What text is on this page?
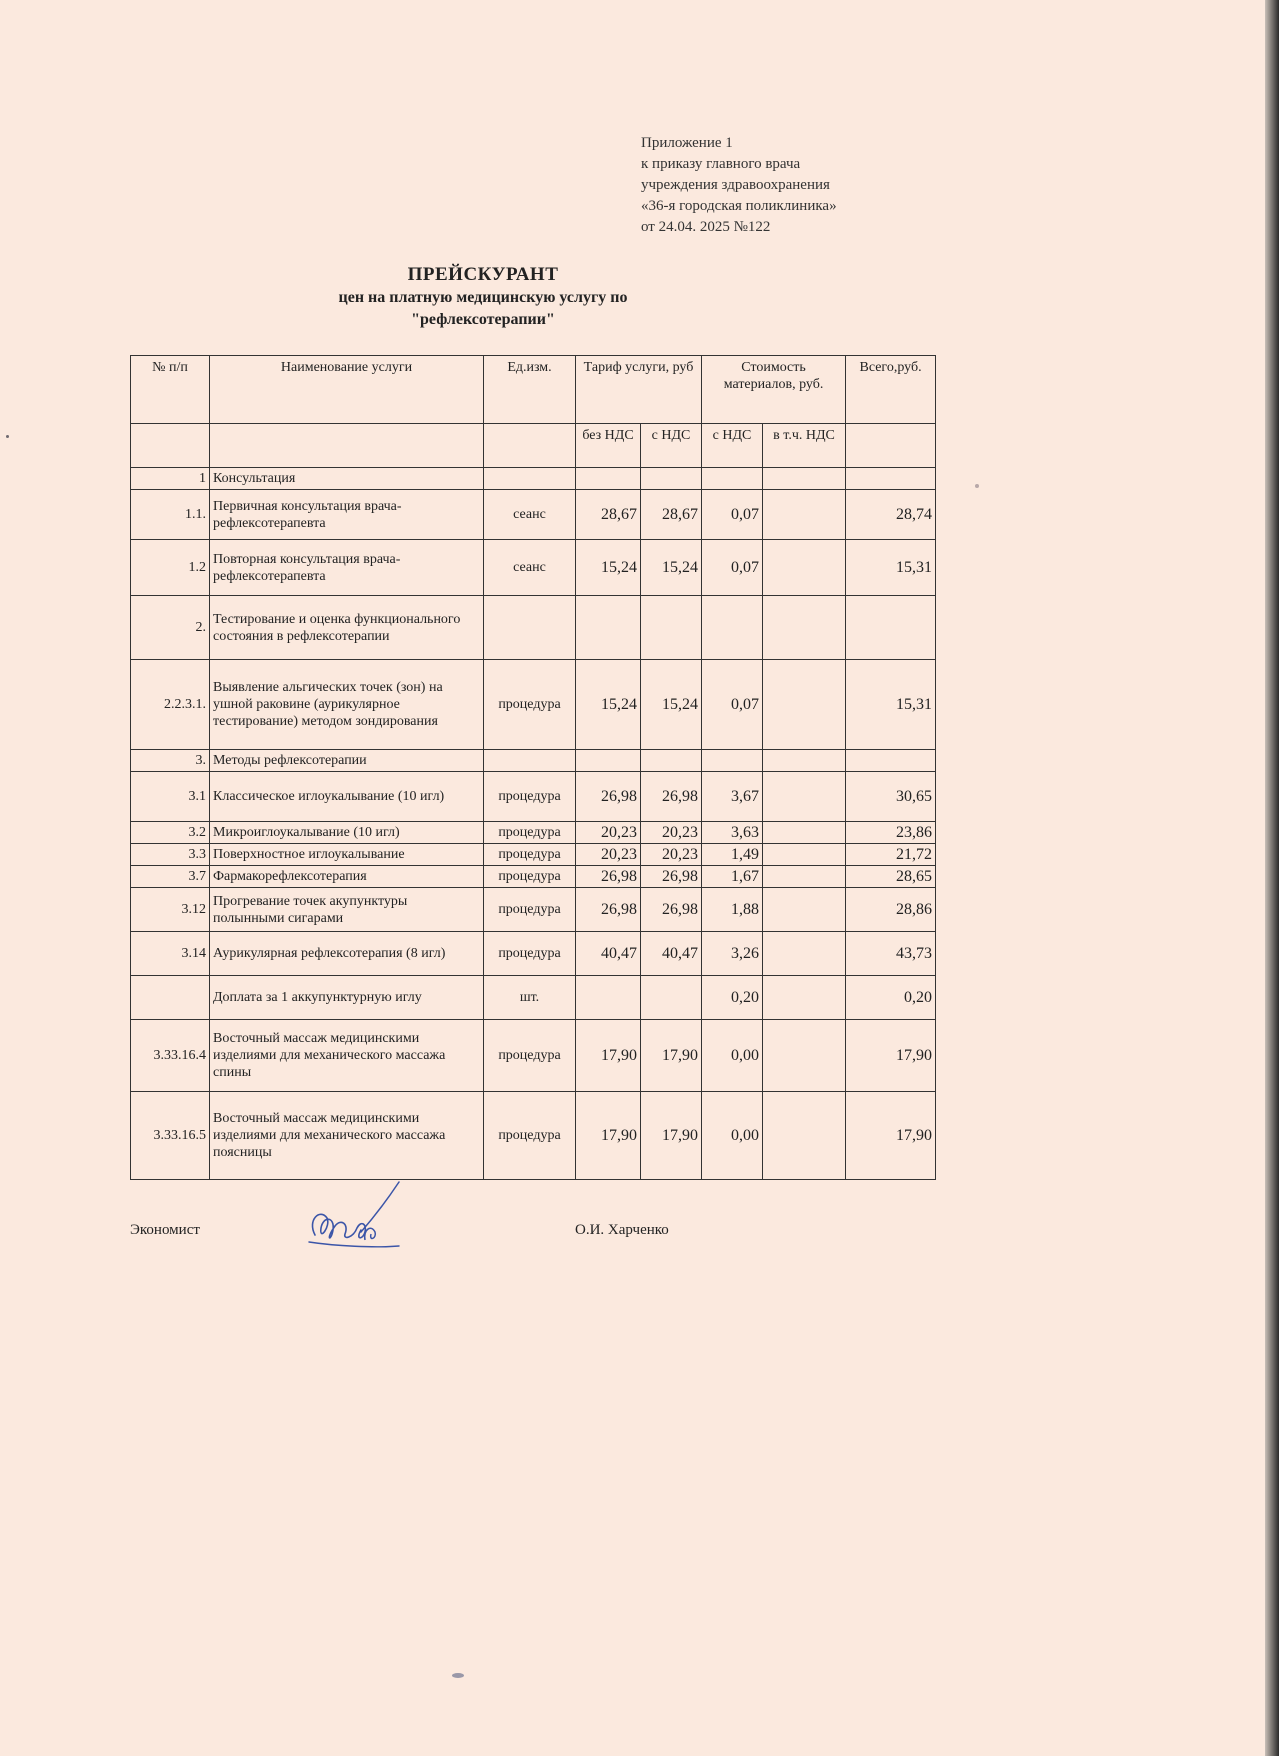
Приложение 1
к приказу главного врача
учреждения здравоохранения
«36-я городская поликлиника»
от 24.04. 2025 №122
ПРЕЙСКУРАНТ
цен на платную медицинскую услугу по
"рефлексотерапии"
№ п/п	Наименование услуги	Ед.изм.	Тариф услуги, руб		Стоимость материалов, руб.		Всего,руб.
			без НДС	с НДС	с НДС	в т.ч. НДС	
1	Консультация						
1.1.	Первичная консультация врача-рефлексотерапевта	сеанс	28,67	28,67	0,07		28,74
1.2	Повторная консультация врача-рефлексотерапевта	сеанс	15,24	15,24	0,07		15,31
2.	Тестирование и оценка функционального состояния в рефлексотерапии						
2.2.3.1.	Выявление альгических точек (зон) на ушной раковине (аурикулярное тестирование) методом зондирования	процедура	15,24	15,24	0,07		15,31
3.	Методы рефлексотерапии						
3.1	Классическое иглоукалывание (10 игл)	процедура	26,98	26,98	3,67		30,65
3.2	Микроиглоукалывание (10 игл)	процедура	20,23	20,23	3,63		23,86
3.3	Поверхностное иглоукалывание	процедура	20,23	20,23	1,49		21,72
3.7	Фармакорефлексотерапия	процедура	26,98	26,98	1,67		28,65
3.12	Прогревание точек акупунктуры полынными сигарами	процедура	26,98	26,98	1,88		28,86
3.14	Аурикулярная рефлексотерапия (8 игл)	процедура	40,47	40,47	3,26		43,73
	Доплата за 1 аккупунктурную иглу	шт.			0,20		0,20
3.33.16.4	Восточный массаж медицинскими изделиями для механического массажа спины	процедура	17,90	17,90	0,00		17,90
3.33.16.5	Восточный массаж медицинскими изделиями для механического массажа поясницы	процедура	17,90	17,90	0,00		17,90
Экономист	О.И. Харченко
